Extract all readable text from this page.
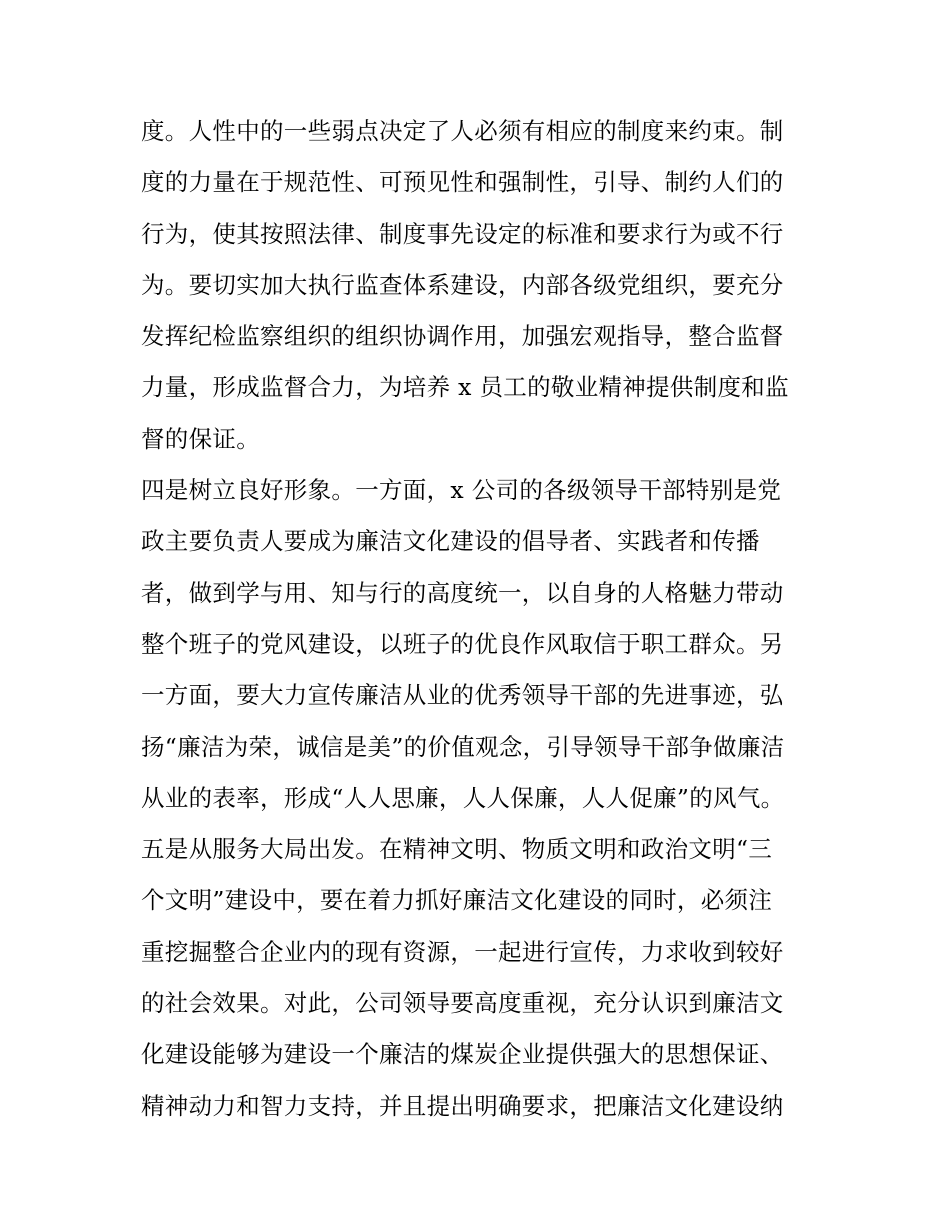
度。人性中的一些弱点决定了人必须有相应的制度来约束。制
度的力量在于规范性、可预见性和强制性，引导、制约人们的
行为，使其按照法律、制度事先设定的标准和要求行为或不行
为。要切实加大执行监查体系建设，内部各级党组织，要充分
发挥纪检监察组织的组织协调作用，加强宏观指导，整合监督
力量，形成监督合力，为培养 x 员工的敬业精神提供制度和监
督的保证。
四是树立良好形象。一方面，x 公司的各级领导干部特别是党
政主要负责人要成为廉洁文化建设的倡导者、实践者和传播
者，做到学与用、知与行的高度统一，以自身的人格魅力带动
整个班子的党风建设，以班子的优良作风取信于职工群众。另
一方面，要大力宣传廉洁从业的优秀领导干部的先进事迹，弘
扬“廉洁为荣，诚信是美”的价值观念，引导领导干部争做廉洁
从业的表率，形成“人人思廉，人人保廉，人人促廉”的风气。
五是从服务大局出发。在精神文明、物质文明和政治文明“三
个文明”建设中，要在着力抓好廉洁文化建设的同时，必须注
重挖掘整合企业内的现有资源，一起进行宣传，力求收到较好
的社会效果。对此，公司领导要高度重视，充分认识到廉洁文
化建设能够为建设一个廉洁的煤炭企业提供强大的思想保证、
精神动力和智力支持，并且提出明确要求，把廉洁文化建设纳
